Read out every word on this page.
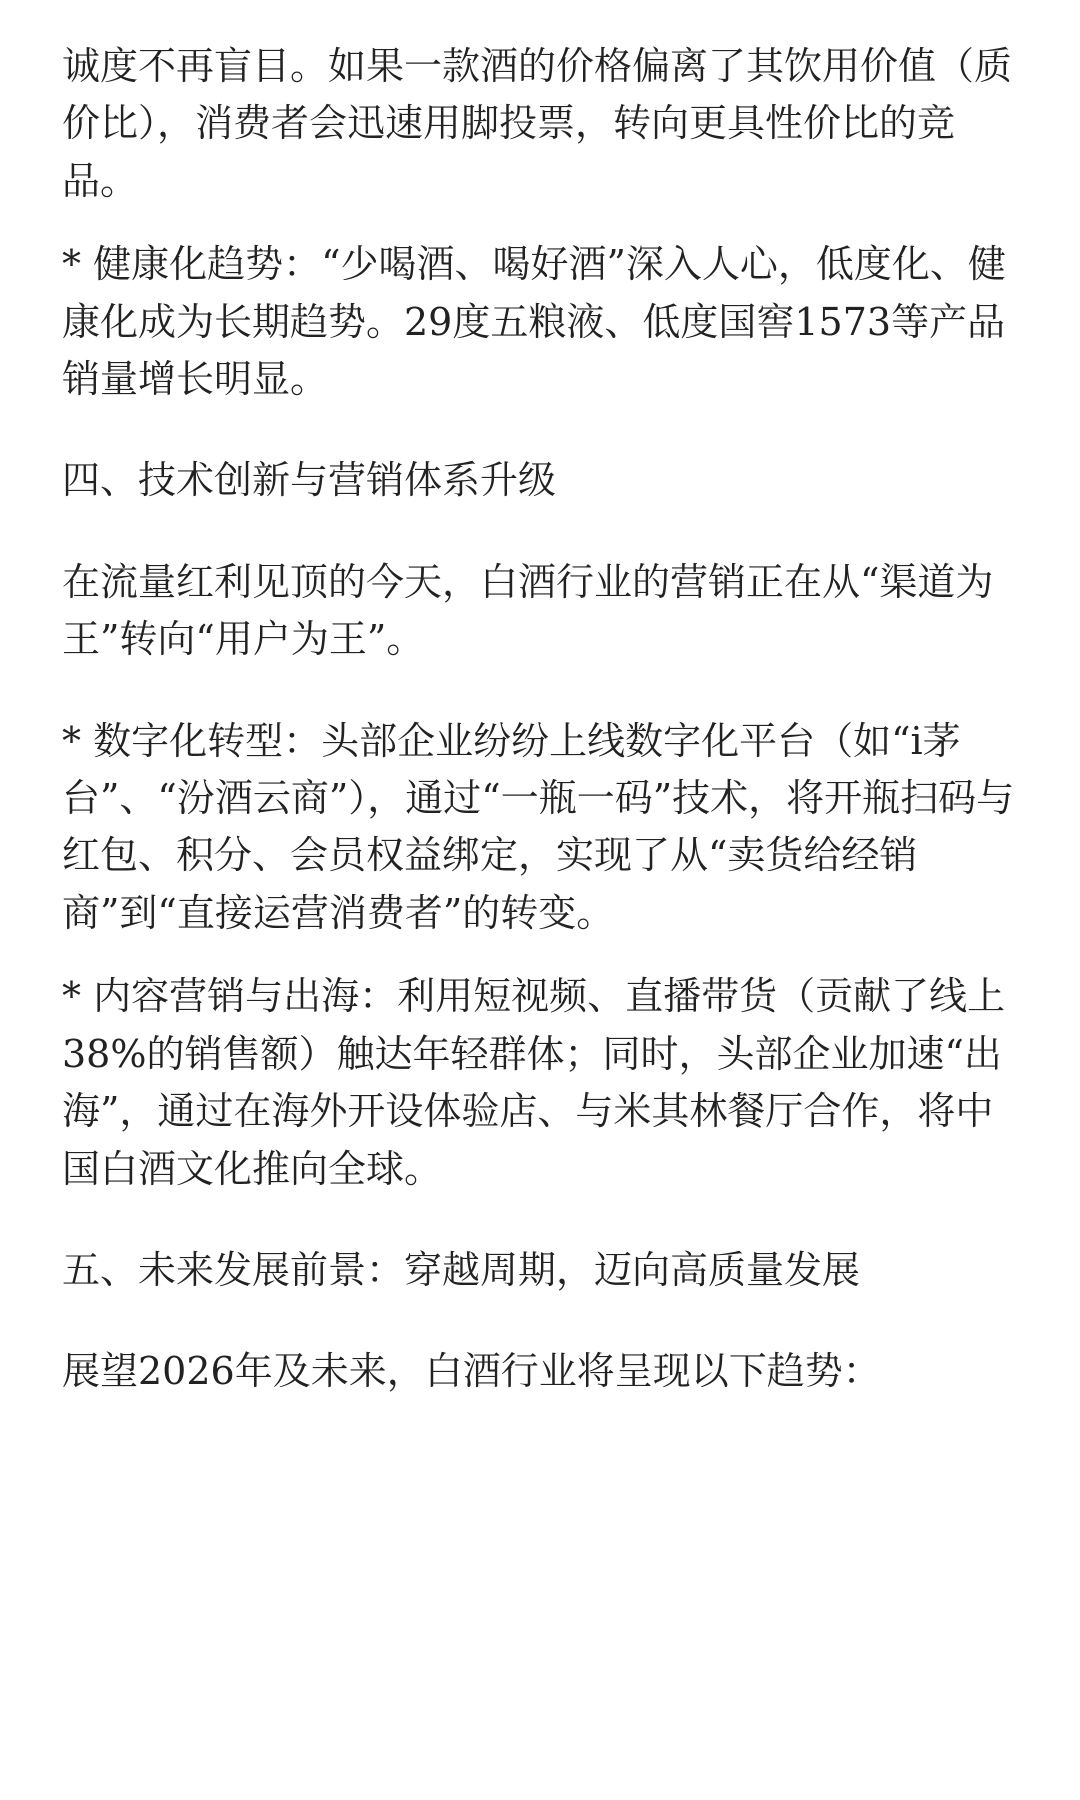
诚度不再盲目。如果一款酒的价格偏离了其饮用价值（质价比），消费者会迅速用脚投票，转向更具性价比的竞品。

* 健康化趋势：“少喝酒、喝好酒”深入人心，低度化、健康化成为长期趋势。29度五粮液、低度国窖1573等产品销量增长明显。

四、技术创新与营销体系升级

在流量红利见顶的今天，白酒行业的营销正在从“渠道为王”转向“用户为王”。

* 数字化转型：头部企业纷纷上线数字化平台（如“i茅台”、“汾酒云商”），通过“一瓶一码”技术，将开瓶扫码与红包、积分、会员权益绑定，实现了从“卖货给经销商”到“直接运营消费者”的转变。

* 内容营销与出海：利用短视频、直播带货（贡献了线上38%的销售额）触达年轻群体；同时，头部企业加速“出海”，通过在海外开设体验店、与米其林餐厅合作，将中国白酒文化推向全球。

五、未来发展前景：穿越周期，迈向高质量发展

展望2026年及未来，白酒行业将呈现以下趋势：
